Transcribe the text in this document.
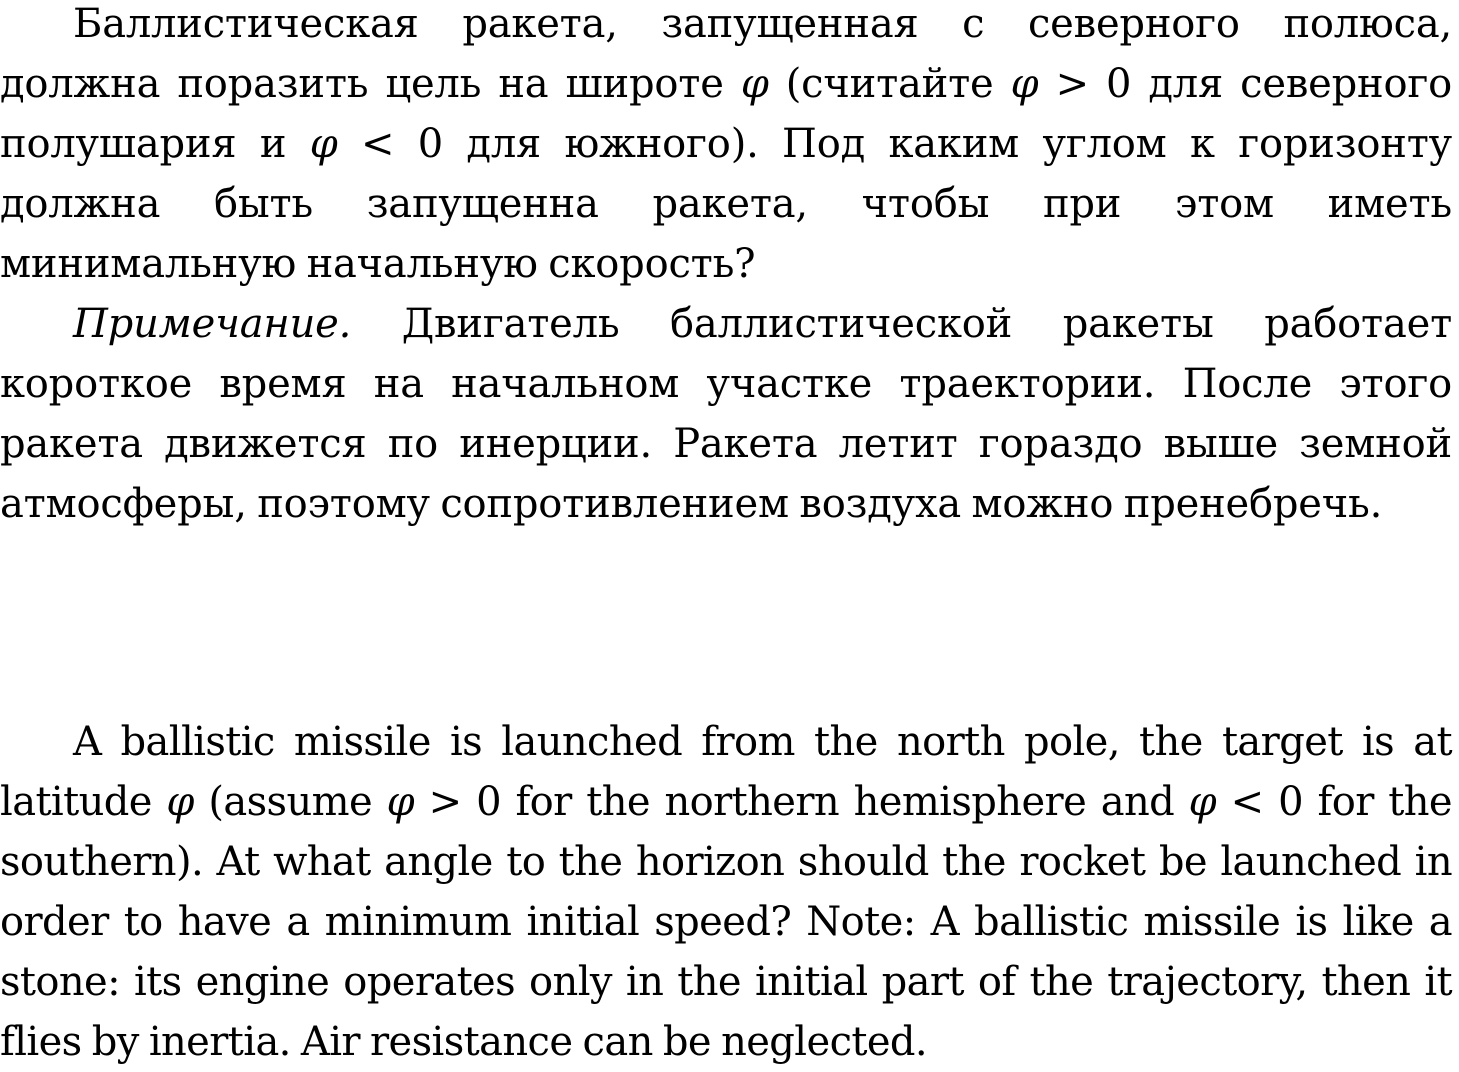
Баллистическая ракета, запущенная с северного полюса, должна поразить цель на широте φ (считайте φ > 0 для северного полушария и φ < 0 для южного). Под каким углом к горизонту должна быть запущенна ракета, чтобы при этом иметь минимальную начальную скорость?

Примечание. Двигатель баллистической ракеты работает короткое время на начальном участке траектории. После этого ракета движется по инерции. Ракета летит гораздо выше земной атмосферы, поэтому сопротивлением воздуха можно пренебречь.

A ballistic missile is launched from the north pole, the target is at latitude φ (assume φ > 0 for the northern hemisphere and φ < 0 for the southern). At what angle to the horizon should the rocket be launched in order to have a minimum initial speed? Note: A ballistic missile is like a stone: its engine operates only in the initial part of the trajectory, then it flies by inertia. Air resistance can be neglected.
